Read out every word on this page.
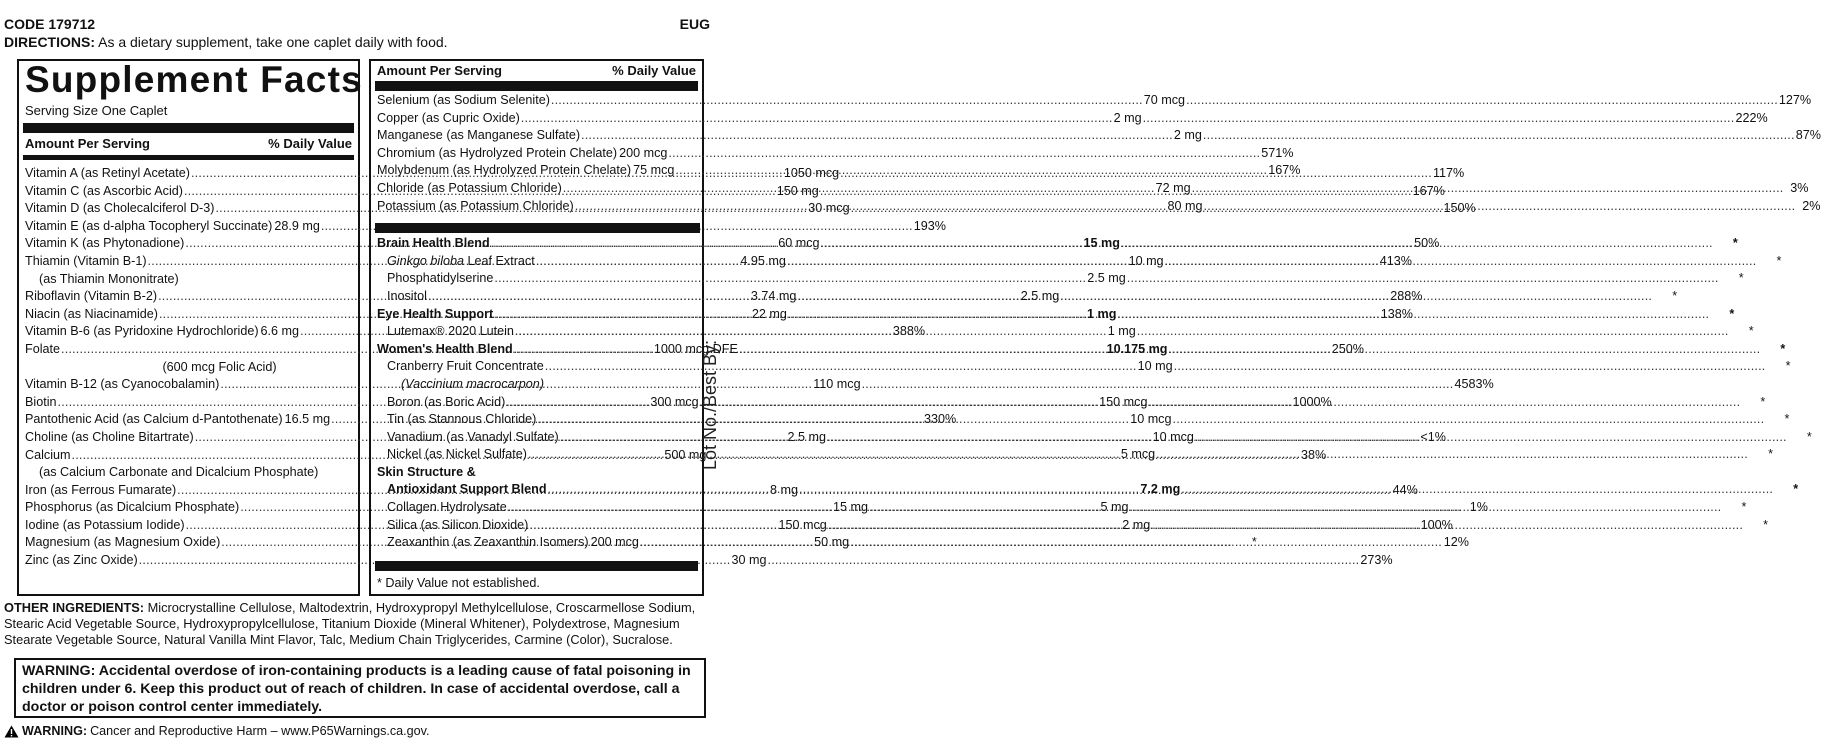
CODE 179712	EUG
DIRECTIONS: As a dietary supplement, take one caplet daily with food.
Supplement Facts
Serving Size One Caplet
Amount Per Serving	% Daily Value
Vitamin A (as Retinyl Acetate) .....	1050 mcg .....	117%
Vitamin C (as Ascorbic Acid) .....	150 mg .....	167%
Vitamin D (as Cholecalciferol D-3) .....	30 mcg .....	150%
Vitamin E (as d-alpha Tocopheryl Succinate) 28.9 mg .....	193%
Vitamin K (as Phytonadione) .....	60 mcg .....	50%
Thiamin (Vitamin B-1) .....	4.95 mg .....	413%
(as Thiamin Mononitrate)
Riboflavin (Vitamin B-2) .....	3.74 mg .....	288%
Niacin (as Niacinamide) .....	22 mg .....	138%
Vitamin B-6 (as Pyridoxine Hydrochloride) 6.6 mg .....	388%
Folate .....	1000 mcg DFE .....	250%
(600 mcg Folic Acid)
Vitamin B-12 (as Cyanocobalamin) .....	110 mcg .....	4583%
Biotin .....	300 mcg .....	1000%
Pantothenic Acid (as Calcium d-Pantothenate) 16.5 mg .....	330%
Choline (as Choline Bitartrate) .....	2.5 mg .....	<1%
Calcium .....	500 mg .....	38%
(as Calcium Carbonate and Dicalcium Phosphate)
Iron (as Ferrous Fumarate) .....	8 mg .....	44%
Phosphorus (as Dicalcium Phosphate) .....	15 mg .....	1%
Iodine (as Potassium Iodide) .....	150 mcg .....	100%
Magnesium (as Magnesium Oxide) .....	50 mg .....	12%
Zinc (as Zinc Oxide) .....	30 mg .....	273%
Amount Per Serving	% Daily Value
Selenium (as Sodium Selenite) .....	70 mcg .....	127%
Copper (as Cupric Oxide) .....	2 mg .....	222%
Manganese (as Manganese Sulfate) .....	2 mg .....	87%
Chromium (as Hydrolyzed Protein Chelate) 200 mcg .....	571%
Molybdenum (as Hydrolyzed Protein Chelate) 75 mcg .....	167%
Chloride (as Potassium Chloride) .....	72 mg .....	3%
Potassium (as Potassium Chloride) .....	80 mg .....	2%
Brain Health Blend .....	15 mg .....	*
Ginkgo biloba Leaf Extract .....	10 mg .....	*
Phosphatidylserine .....	2.5 mg .....	*
Inositol .....	2.5 mg .....	*
Eye Health Support .....	1 mg .....	*
Lutemax® 2020 Lutein .....	1 mg .....	*
Women's Health Blend .....	10.175 mg .....	*
Cranberry Fruit Concentrate .....	10 mg .....	*
(Vaccinium macrocarpon)
Boron (as Boric Acid) .....	150 mcg .....	*
Tin (as Stannous Chloride) .....	10 mcg .....	*
Vanadium (as Vanadyl Sulfate) .....	10 mcg .....	*
Nickel (as Nickel Sulfate) .....	5 mcg .....	*
Skin Structure &
Antioxidant Support Blend .....	7.2 mg .....	*
Collagen Hydrolysate .....	5 mg .....	*
Silica (as Silicon Dioxide) .....	2 mg .....	*
Zeaxanthin (as Zeaxanthin Isomers) 200 mcg .....	*
* Daily Value not established.
OTHER INGREDIENTS: Microcrystalline Cellulose, Maltodextrin, Hydroxypropyl Methylcellulose, Croscarmellose Sodium, Stearic Acid Vegetable Source, Hydroxypropylcellulose, Titanium Dioxide (Mineral Whitener), Polydextrose, Magnesium Stearate Vegetable Source, Natural Vanilla Mint Flavor, Talc, Medium Chain Triglycerides, Carmine (Color), Sucralose.
WARNING: Accidental overdose of iron-containing products is a leading cause of fatal poisoning in children under 6. Keep this product out of reach of children. In case of accidental overdose, call a doctor or poison control center immediately.
WARNING: Cancer and Reproductive Harm – www.P65Warnings.ca.gov.
Lot No./Best By:
